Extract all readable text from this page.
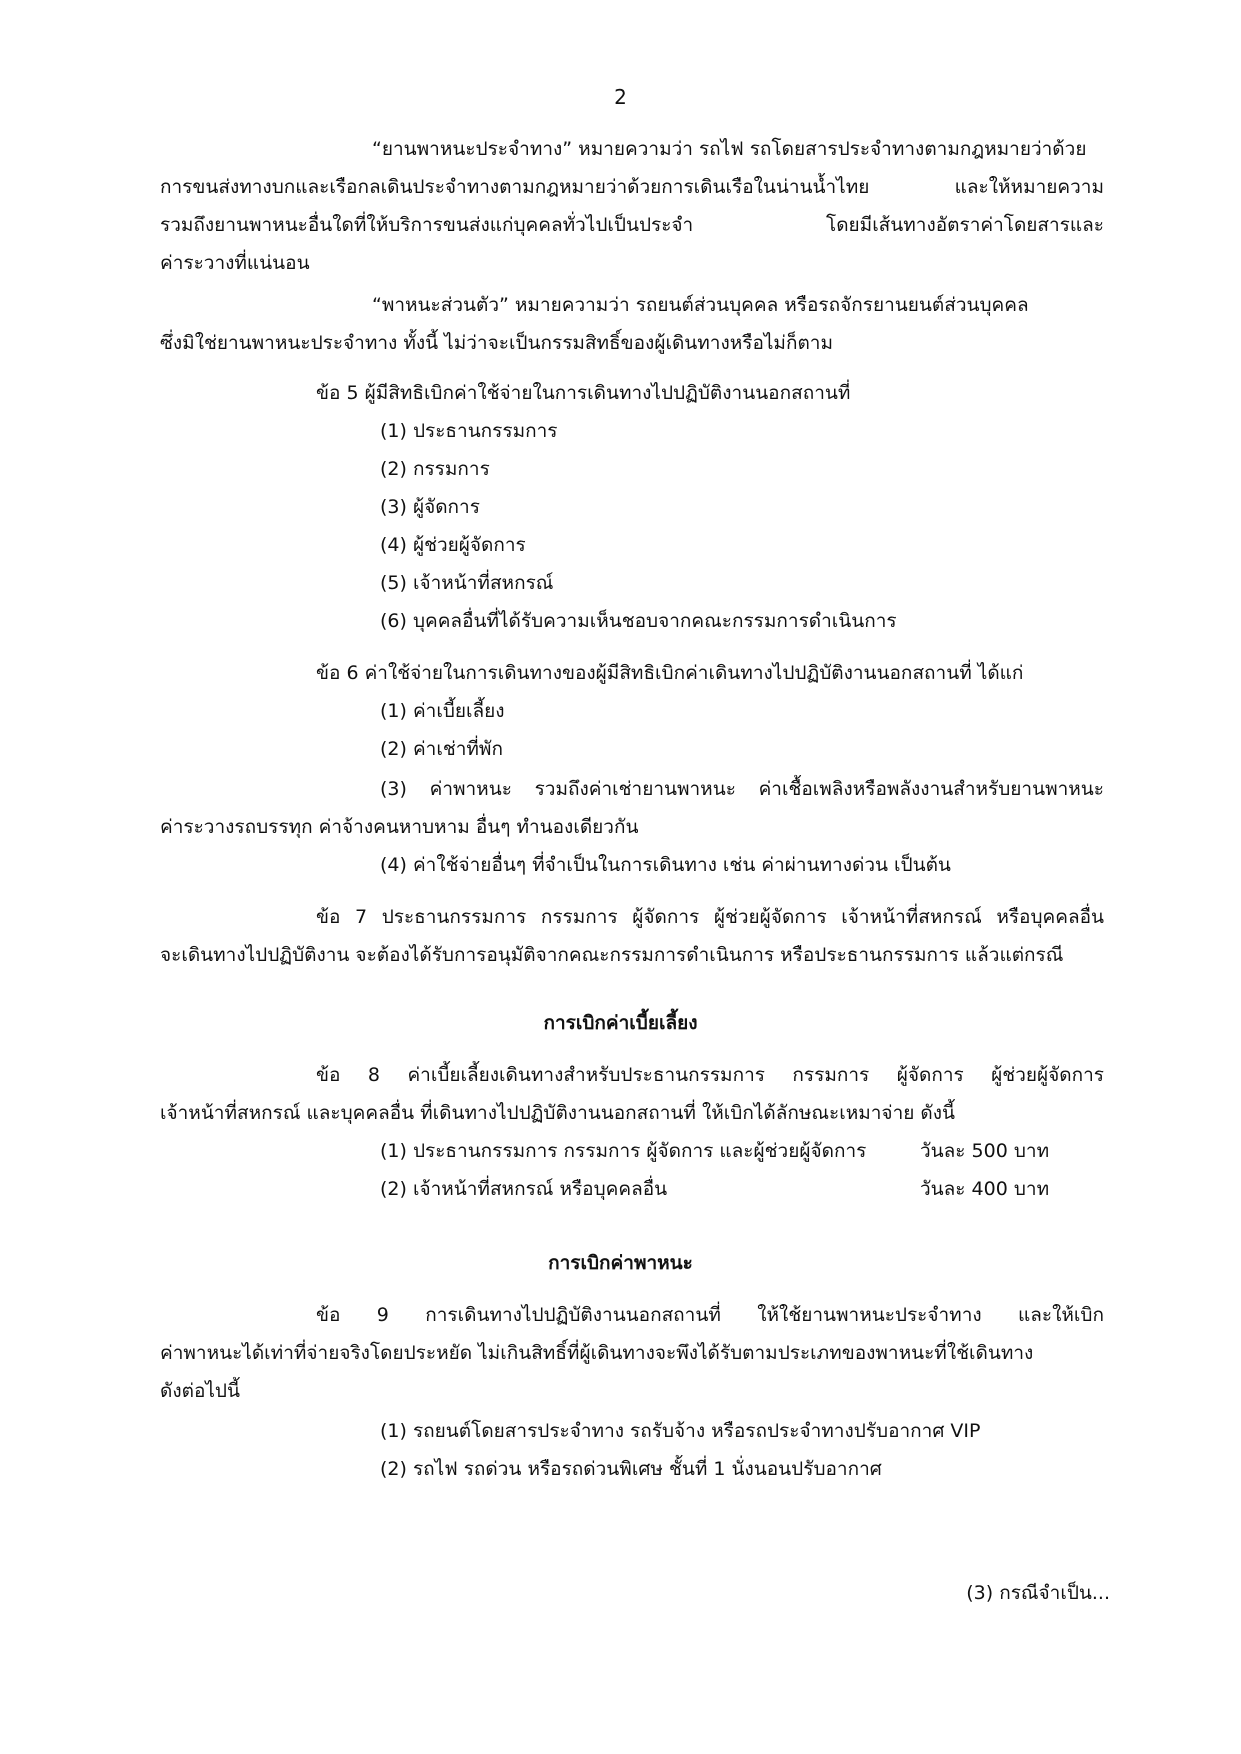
2

“ยานพาหนะประจำทาง” หมายความว่า รถไฟ รถโดยสารประจำทางตามกฎหมายว่าด้วย

การขนส่งทางบกและเรือกลเดินประจำทางตามกฎหมายว่าด้วยการเดินเรือในน่านน้ำไทย และให้หมายความ

รวมถึงยานพาหนะอื่นใดที่ให้บริการขนส่งแก่บุคคลทั่วไปเป็นประจำ โดยมีเส้นทางอัตราค่าโดยสารและ

ค่าระวางที่แน่นอน

“พาหนะส่วนตัว” หมายความว่า รถยนต์ส่วนบุคคล หรือรถจักรยานยนต์ส่วนบุคคล

ซึ่งมิใช่ยานพาหนะประจำทาง ทั้งนี้ ไม่ว่าจะเป็นกรรมสิทธิ์ของผู้เดินทางหรือไม่ก็ตาม

ข้อ 5 ผู้มีสิทธิเบิกค่าใช้จ่ายในการเดินทางไปปฏิบัติงานนอกสถานที่

(1) ประธานกรรมการ

(2) กรรมการ

(3) ผู้จัดการ

(4) ผู้ช่วยผู้จัดการ

(5) เจ้าหน้าที่สหกรณ์

(6) บุคคลอื่นที่ได้รับความเห็นชอบจากคณะกรรมการดำเนินการ

ข้อ 6 ค่าใช้จ่ายในการเดินทางของผู้มีสิทธิเบิกค่าเดินทางไปปฏิบัติงานนอกสถานที่ ได้แก่

(1) ค่าเบี้ยเลี้ยง

(2) ค่าเช่าที่พัก

(3) ค่าพาหนะ รวมถึงค่าเช่ายานพาหนะ ค่าเชื้อเพลิงหรือพลังงานสำหรับยานพาหนะ

ค่าระวางรถบรรทุก ค่าจ้างคนหาบหาม อื่นๆ ทำนองเดียวกัน

(4) ค่าใช้จ่ายอื่นๆ ที่จำเป็นในการเดินทาง เช่น ค่าผ่านทางด่วน เป็นต้น

ข้อ 7 ประธานกรรมการ กรรมการ ผู้จัดการ ผู้ช่วยผู้จัดการ เจ้าหน้าที่สหกรณ์ หรือบุคคลอื่น

จะเดินทางไปปฏิบัติงาน จะต้องได้รับการอนุมัติจากคณะกรรมการดำเนินการ หรือประธานกรรมการ แล้วแต่กรณี

การเบิกค่าเบี้ยเลี้ยง

ข้อ 8 ค่าเบี้ยเลี้ยงเดินทางสำหรับประธานกรรมการ กรรมการ ผู้จัดการ ผู้ช่วยผู้จัดการ

เจ้าหน้าที่สหกรณ์ และบุคคลอื่น ที่เดินทางไปปฏิบัติงานนอกสถานที่ ให้เบิกได้ลักษณะเหมาจ่าย ดังนี้

(1) ประธานกรรมการ กรรมการ ผู้จัดการ และผู้ช่วยผู้จัดการ	วันละ 500 บาท

(2) เจ้าหน้าที่สหกรณ์ หรือบุคคลอื่น	วันละ 400 บาท

การเบิกค่าพาหนะ

ข้อ 9 การเดินทางไปปฏิบัติงานนอกสถานที่ ให้ใช้ยานพาหนะประจำทาง และให้เบิก

ค่าพาหนะได้เท่าที่จ่ายจริงโดยประหยัด ไม่เกินสิทธิ์ที่ผู้เดินทางจะพึงได้รับตามประเภทของพาหนะที่ใช้เดินทาง

ดังต่อไปนี้

(1) รถยนต์โดยสารประจำทาง รถรับจ้าง หรือรถประจำทางปรับอากาศ VIP

(2) รถไฟ รถด่วน หรือรถด่วนพิเศษ ชั้นที่ 1 นั่งนอนปรับอากาศ

(3) กรณีจำเป็น...
